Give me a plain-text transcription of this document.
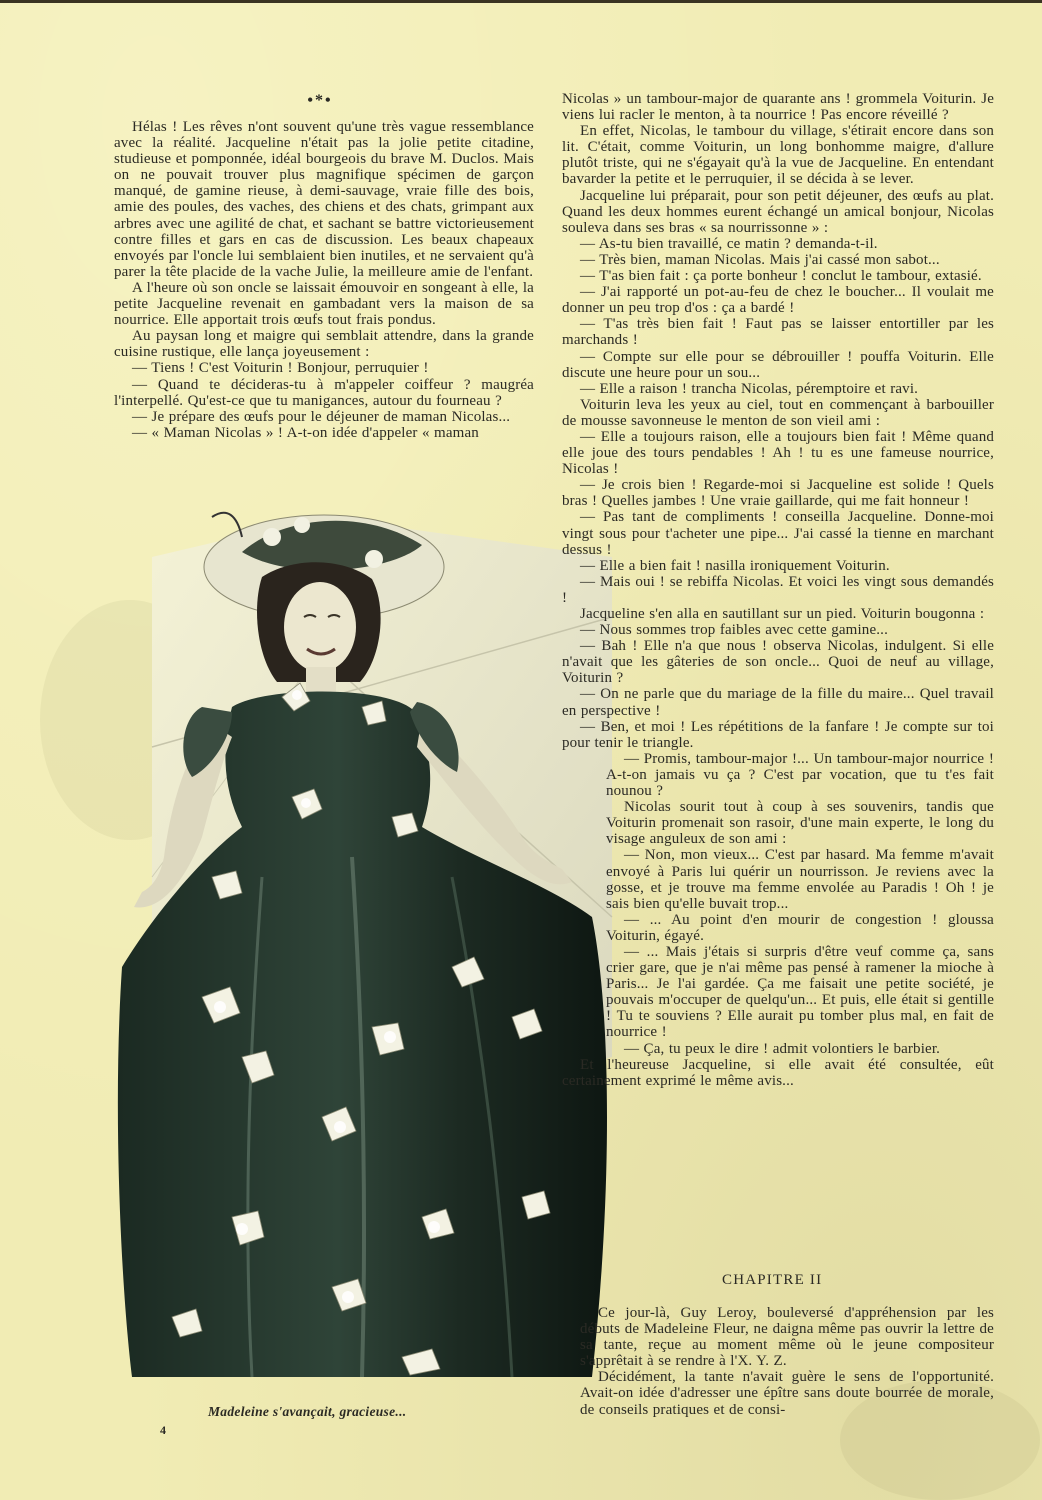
•*•

Hélas ! Les rêves n'ont souvent qu'une très vague ressemblance avec la réalité. Jacqueline n'était pas la jolie petite citadine, studieuse et pomponnée, idéal bourgeois du brave M. Duclos. Mais on ne pouvait trouver plus magnifique spécimen de garçon manqué, de gamine rieuse, à demi-sauvage, vraie fille des bois, amie des poules, des vaches, des chiens et des chats, grimpant aux arbres avec une agilité de chat, et sachant se battre victorieusement contre filles et gars en cas de discussion. Les beaux chapeaux envoyés par l'oncle lui semblaient bien inutiles, et ne servaient qu'à parer la tête placide de la vache Julie, la meilleure amie de l'enfant.

A l'heure où son oncle se laissait émouvoir en songeant à elle, la petite Jacqueline revenait en gambadant vers la maison de sa nourrice. Elle apportait trois œufs tout frais pondus.

Au paysan long et maigre qui semblait attendre, dans la grande cuisine rustique, elle lança joyeusement :

— Tiens ! C'est Voiturin ! Bonjour, perruquier !

— Quand te décideras-tu à m'appeler coiffeur ? maugréa l'interpellé. Qu'est-ce que tu manigances, autour du fourneau ?

— Je prépare des œufs pour le déjeuner de maman Nicolas...

— « Maman Nicolas » ! A-t-on idée d'appeler « maman

Madeleine s'avançait, gracieuse...
4

Nicolas » un tambour-major de quarante ans ! grommela Voiturin. Je viens lui racler le menton, à ta nourrice ! Pas encore réveillé ?

En effet, Nicolas, le tambour du village, s'étirait encore dans son lit. C'était, comme Voiturin, un long bonhomme maigre, d'allure plutôt triste, qui ne s'égayait qu'à la vue de Jacqueline. En entendant bavarder la petite et le perruquier, il se décida à se lever.

Jacqueline lui préparait, pour son petit déjeuner, des œufs au plat. Quand les deux hommes eurent échangé un amical bonjour, Nicolas souleva dans ses bras « sa nourrissonne » :

— As-tu bien travaillé, ce matin ? demanda-t-il.

— Très bien, maman Nicolas. Mais j'ai cassé mon sabot...

— T'as bien fait : ça porte bonheur ! conclut le tambour, extasié.

— J'ai rapporté un pot-au-feu de chez le boucher... Il voulait me donner un peu trop d'os : ça a bardé !

— T'as très bien fait ! Faut pas se laisser entortiller par les marchands !

— Compte sur elle pour se débrouiller ! pouffa Voiturin. Elle discute une heure pour un sou...

— Elle a raison ! trancha Nicolas, péremptoire et ravi.

Voiturin leva les yeux au ciel, tout en commençant à barbouiller de mousse savonneuse le menton de son vieil ami :

— Elle a toujours raison, elle a toujours bien fait ! Même quand elle joue des tours pendables ! Ah ! tu es une fameuse nourrice, Nicolas !

— Je crois bien ! Regarde-moi si Jacqueline est solide ! Quels bras ! Quelles jambes ! Une vraie gaillarde, qui me fait honneur !

— Pas tant de compliments ! conseilla Jacqueline. Donne-moi vingt sous pour t'acheter une pipe... J'ai cassé la tienne en marchant dessus !

— Elle a bien fait ! nasilla ironiquement Voiturin.

— Mais oui ! se rebiffa Nicolas. Et voici les vingt sous demandés !

Jacqueline s'en alla en sautillant sur un pied. Voiturin bougonna :

— Nous sommes trop faibles avec cette gamine...

— Bah ! Elle n'a que nous ! observa Nicolas, indulgent. Si elle n'avait que les gâteries de son oncle... Quoi de neuf au village, Voiturin ?

— On ne parle que du mariage de la fille du maire... Quel travail en perspective !

— Ben, et moi ! Les répétitions de la fanfare ! Je compte sur toi pour tenir le triangle.

— Promis, tambour-major !... Un tambour-major nourrice ! A-t-on jamais vu ça ? C'est par vocation, que tu t'es fait nounou ?

Nicolas sourit tout à coup à ses souvenirs, tandis que Voiturin promenait son rasoir, d'une main experte, le long du visage anguleux de son ami :

— Non, mon vieux... C'est par hasard. Ma femme m'avait envoyé à Paris lui quérir un nourrisson. Je reviens avec la gosse, et je trouve ma femme envolée au Paradis ! Oh ! je sais bien qu'elle buvait trop...

— ... Au point d'en mourir de congestion ! gloussa Voiturin, égayé.

— ... Mais j'étais si surpris d'être veuf comme ça, sans crier gare, que je n'ai même pas pensé à ramener la mioche à Paris... Je l'ai gardée. Ça me faisait une petite société, je pouvais m'occuper de quelqu'un... Et puis, elle était si gentille ! Tu te souviens ? Elle aurait pu tomber plus mal, en fait de nourrice !

— Ça, tu peux le dire ! admit volontiers le barbier.

Et l'heureuse Jacqueline, si elle avait été consultée, eût certainement exprimé le même avis...

CHAPITRE II

Ce jour-là, Guy Leroy, bouleversé d'appréhension par les débuts de Madeleine Fleur, ne daigna même pas ouvrir la lettre de sa tante, reçue au moment même où le jeune compositeur s'apprêtait à se rendre à l'X. Y. Z.

Décidément, la tante n'avait guère le sens de l'opportunité. Avait-on idée d'adresser une épître sans doute bourrée de morale, de conseils pratiques et de consi-
